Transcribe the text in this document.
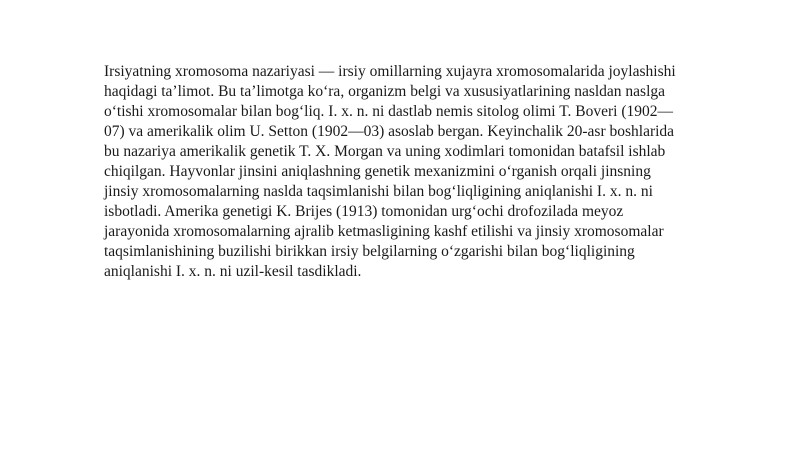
Irsiyatning xromosoma nazariyasi — irsiy omillarning xujayra xromosomalarida joylashishi
haqidagi ta’limot. Bu ta’limotga ko‘ra, organizm belgi va xususiyatlarining nasldan naslga
o‘tishi xromosomalar bilan bog‘liq. I. x. n. ni dastlab nemis sitolog olimi T. Boveri (1902—
07) va amerikalik olim U. Setton (1902—03) asoslab bergan. Keyinchalik 20-asr boshlarida
bu nazariya amerikalik genetik T. X. Morgan va uning xodimlari tomonidan batafsil ishlab
chiqilgan. Hayvonlar jinsini aniqlashning genetik mexanizmini o‘rganish orqali jinsning
jinsiy xromosomalarning naslda taqsimlanishi bilan bog‘liqligining aniqlanishi I. x. n. ni
isbotladi. Amerika genetigi K. Brijes (1913) tomonidan urg‘ochi drofozilada meyoz
jarayonida xromosomalarning ajralib ketmasligining kashf etilishi va jinsiy xromosomalar
taqsimlanishining buzilishi birikkan irsiy belgilarning o‘zgarishi bilan bog‘liqligining
aniqlanishi I. x. n. ni uzil-kesil tasdikladi.
